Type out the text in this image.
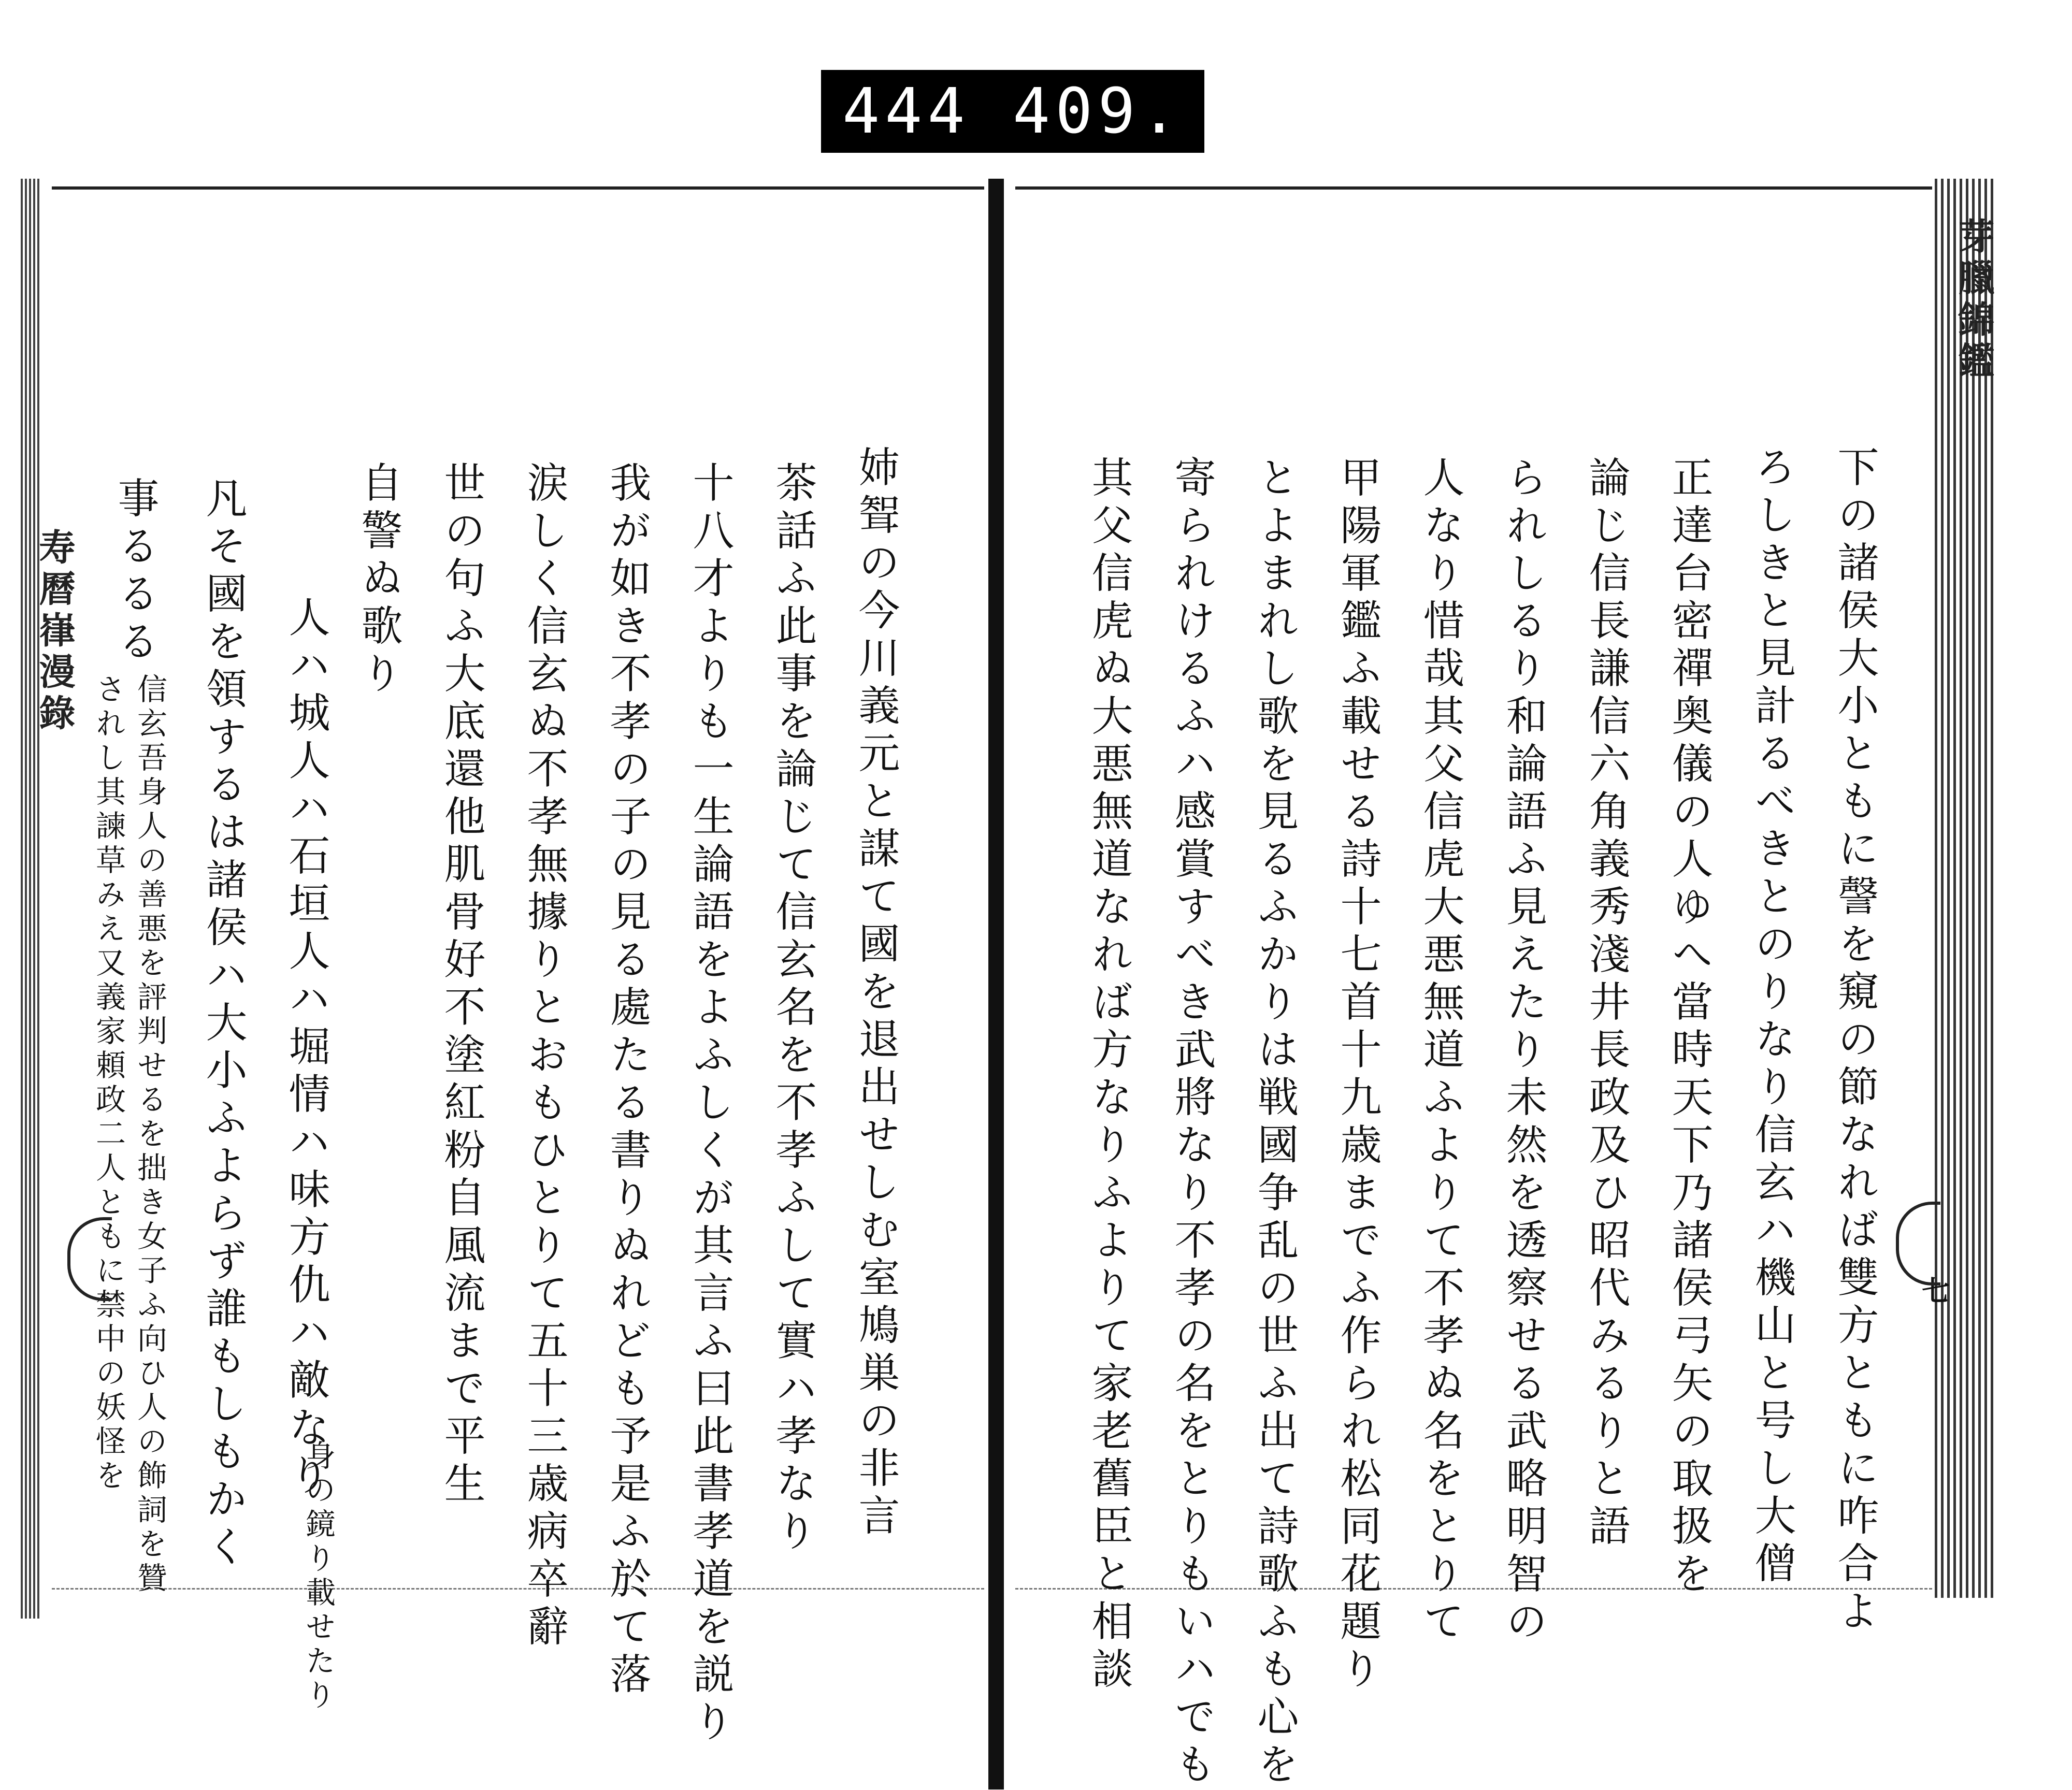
444 409.
芽臘錦鑑
寿曆嵂漫錄	下の諸侯大小ともに謦を窺の節なれば雙方ともに咋合よ
ろしきと見計るべきとのりなり信玄ハ機山と号し大僧
正達台密禪奥儀の人ゆへ當時天下乃諸侯弓矢の取扱を
論じ信長謙信六角義秀淺井長政及ひ昭代みるりと語
られしるり和論語ふ見えたり未然を透察せる武略明智の
人なり惜哉其父信虎大悪無道ふよりて不孝ぬ名をとりて
甲陽軍鑑ふ載せる詩十七首十九歳までふ作られ松同花題り
とよまれし歌を見るふかりは戦國争乱の世ふ出て詩歌ふも心を
寄られけるふハ感賞すべき武將なり不孝の名をとりもいハでも
其父信虎ぬ大悪無道なれば方なりふよりて家老舊臣と相談
姉聟の今川義元と謀て國を退出せしむ室鳩巣の非言
茶話ふ此事を論じて信玄名を不孝ふして實ハ孝なり
十八才よりも一生論語をよふしくが其言ふ曰此書孝道を説り
我が如き不孝の子の見る處たる書りぬれども予是ふ於て落
涙しく信玄ぬ不孝無據りとおもひとりて五十三歳病卒辭
世の句ふ大底還他肌骨好不塗紅粉自風流まで平生
自警ぬ歌り
人ハ城人ハ石垣人ハ堀情ハ味方仇ハ敵なり
凡そ國を領するは諸侯ハ大小ふよらず誰もしもかく
事るるる
身の鏡り載せたり
信玄吾身人の善悪を評判せるを拙き女子ふ向ひ人の飾詞を贊
されし其諫草みえ又義家頼政二人ともに禁中の妖怪を	七
